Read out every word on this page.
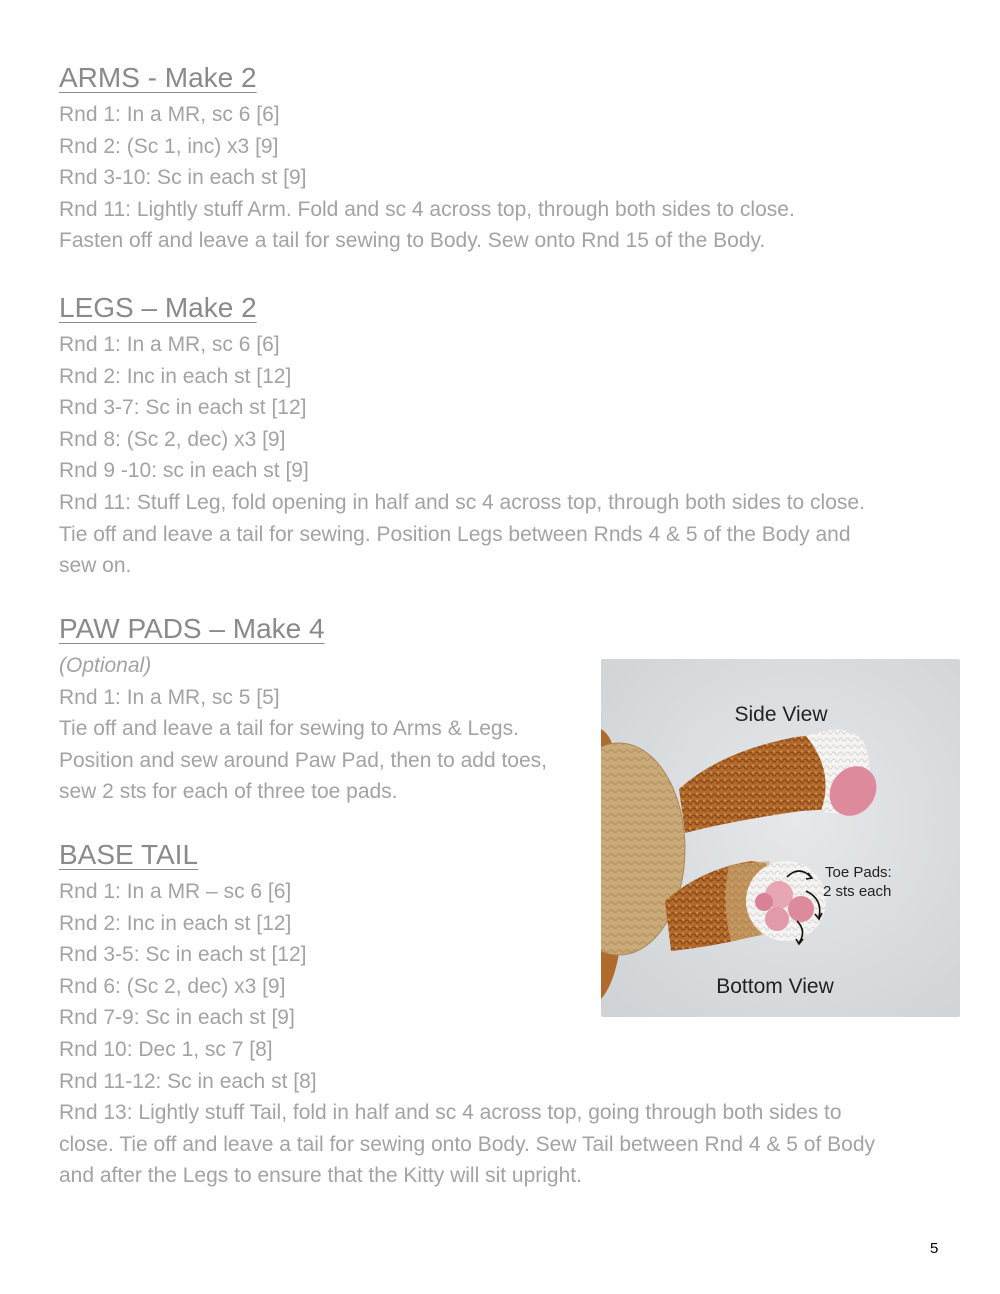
ARMS - Make 2
Rnd 1: In a MR, sc 6 [6]
Rnd 2: (Sc 1, inc) x3 [9]
Rnd 3-10: Sc in each st [9]
Rnd 11: Lightly stuff Arm. Fold and sc 4 across top, through both sides to close.
Fasten off and leave a tail for sewing to Body. Sew onto Rnd 15 of the Body.
LEGS – Make 2
Rnd 1: In a MR, sc 6 [6]
Rnd 2: Inc in each st [12]
Rnd 3-7: Sc in each st [12]
Rnd 8: (Sc 2, dec) x3 [9]
Rnd 9 -10: sc in each st [9]
Rnd 11: Stuff Leg, fold opening in half and sc 4 across top, through both sides to close.
Tie off and leave a tail for sewing. Position Legs between Rnds 4 & 5 of the Body and
sew on.
PAW PADS – Make 4
(Optional)
Rnd 1: In a MR, sc 5 [5]
Tie off and leave a tail for sewing to Arms & Legs.
Position and sew around Paw Pad, then to add toes,
sew 2 sts for each of three toe pads.
BASE TAIL
Rnd 1: In a MR – sc 6 [6]
Rnd 2: Inc in each st [12]
Rnd 3-5: Sc in each st [12]
Rnd 6: (Sc 2, dec) x3 [9]
Rnd 7-9: Sc in each st [9]
Rnd 10: Dec 1, sc 7 [8]
Rnd 11-12: Sc in each st [8]
Rnd 13: Lightly stuff Tail, fold in half and sc 4 across top, going through both sides to
close. Tie off and leave a tail for sewing onto Body. Sew Tail between Rnd 4 & 5 of Body
and after the Legs to ensure that the Kitty will sit upright.
Side View
Toe Pads:
2 sts each
Bottom View
5
